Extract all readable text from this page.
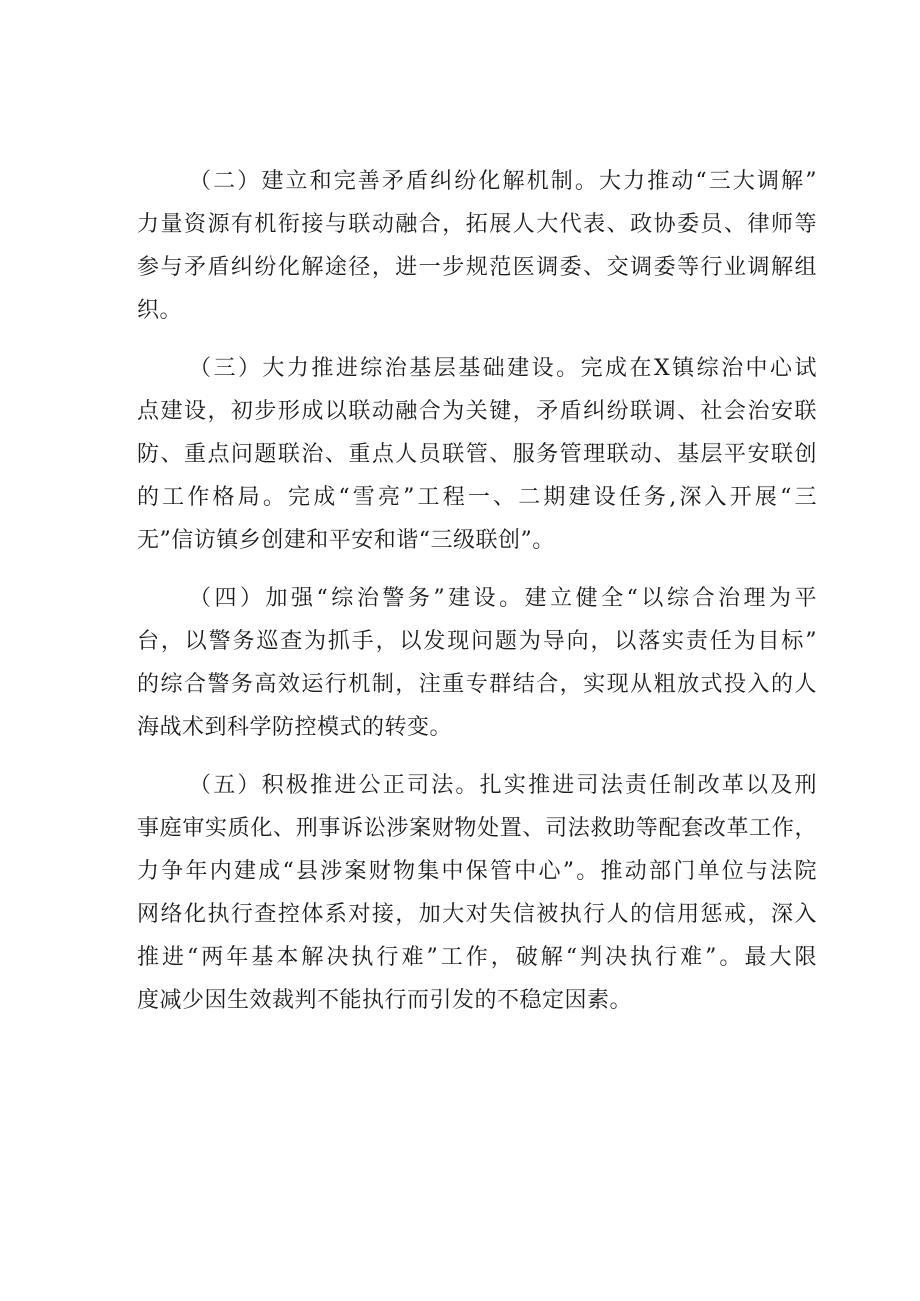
（二）建立和完善矛盾纠纷化解机制。大力推动“三大调解”
力量资源有机衔接与联动融合，拓展人大代表、政协委员、律师等
参与矛盾纠纷化解途径，进一步规范医调委、交调委等行业调解组
织。
（三）大力推进综治基层基础建设。完成在X镇综治中心试
点建设，初步形成以联动融合为关键，矛盾纠纷联调、社会治安联
防、重点问题联治、重点人员联管、服务管理联动、基层平安联创
的工作格局。完成“雪亮”工程一、二期建设任务,深入开展“三
无”信访镇乡创建和平安和谐“三级联创”。
（四）加强“综治警务”建设。建立健全“以综合治理为平
台，以警务巡查为抓手，以发现问题为导向，以落实责任为目标”
的综合警务高效运行机制，注重专群结合，实现从粗放式投入的人
海战术到科学防控模式的转变。
（五）积极推进公正司法。扎实推进司法责任制改革以及刑
事庭审实质化、刑事诉讼涉案财物处置、司法救助等配套改革工作，
力争年内建成“县涉案财物集中保管中心”。推动部门单位与法院
网络化执行查控体系对接，加大对失信被执行人的信用惩戒，深入
推进“两年基本解决执行难”工作，破解“判决执行难”。最大限
度减少因生效裁判不能执行而引发的不稳定因素。
